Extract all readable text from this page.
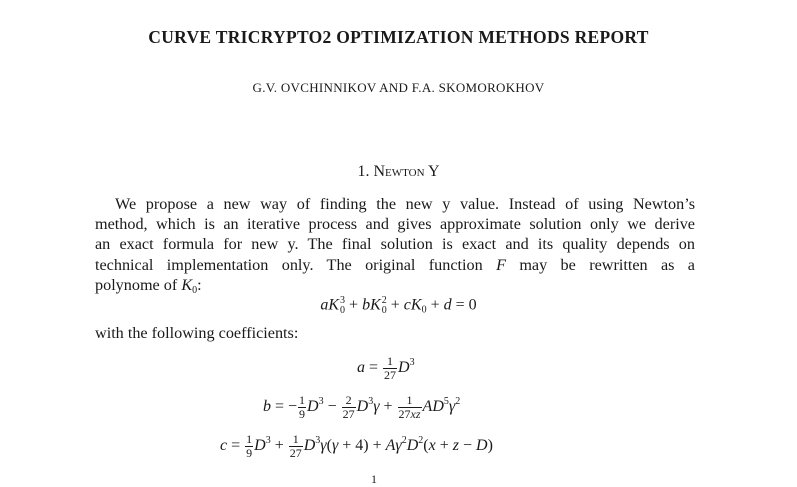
CURVE TRICRYPTO2 OPTIMIZATION METHODS REPORT
G.V. OVCHINNIKOV AND F.A. SKOMOROKHOV
1. Newton Y
We propose a new way of finding the new y value. Instead of using Newton’s
method, which is an iterative process and gives approximate solution only we derive
an exact formula for new y. The final solution is exact and its quality depends on
technical implementation only. The original function F may be rewritten as a
polynome of $K_0$:
aK 3
0 + bK 2
$0 + cK_0 + d = 0$
with the following coefficients:
$a = \frac{1}{27} D^3$
b = − $\frac{1}{9} D^3 - \frac{2}{27} D^3\gamma + \frac{1}{27xz} AD^5\gamma^2$
$c = \frac{1}{9} D^3 + \frac{1}{27} D^3\gamma(\gamma + 4) + A\gamma^2D^2(x + z - D)$
1
